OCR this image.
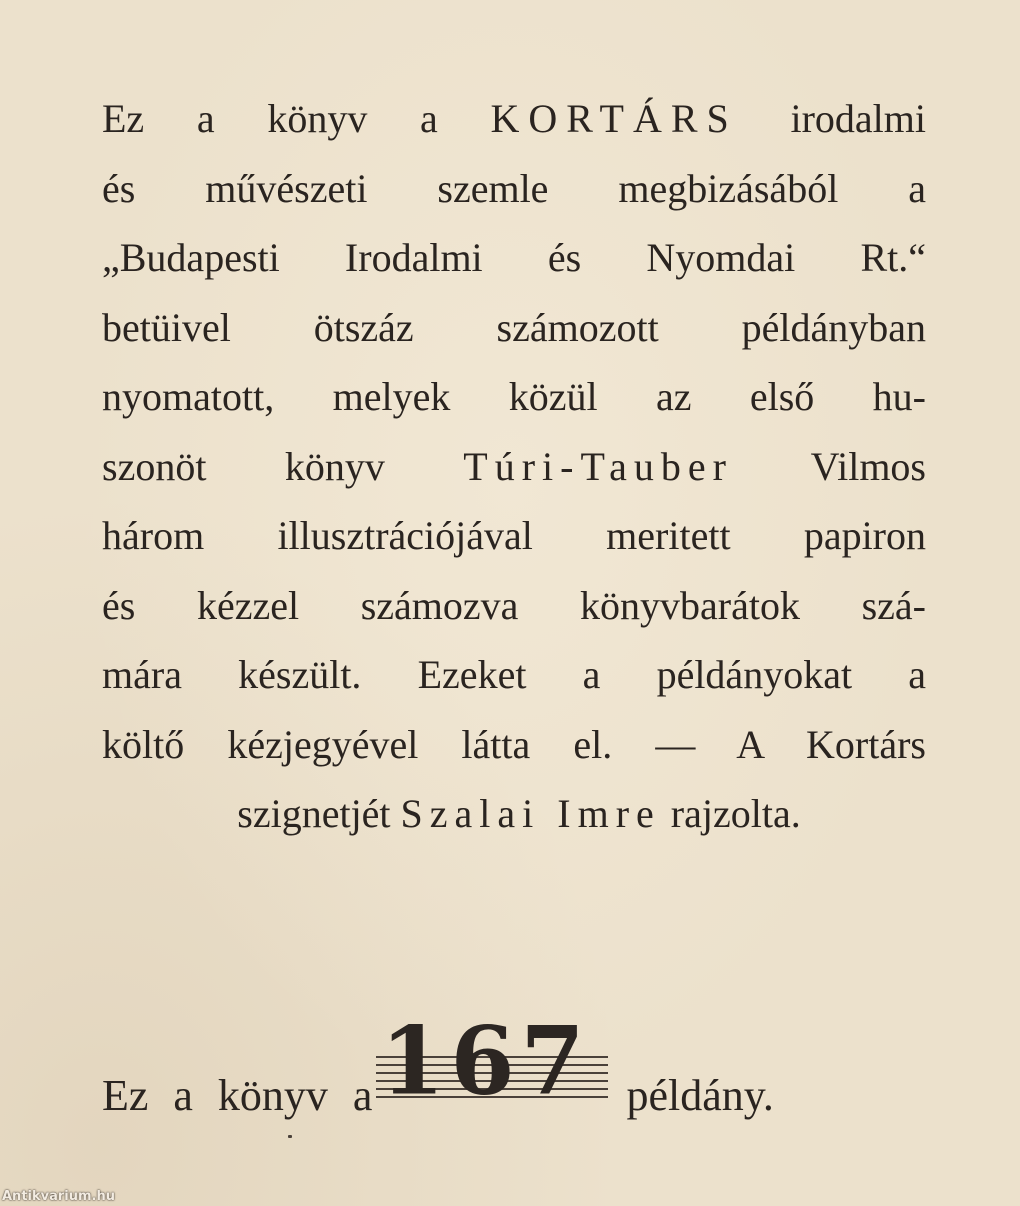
Ez a könyv a KORTÁRS irodalmi
és művészeti szemle megbizásából a
„Budapesti Irodalmi és Nyomdai Rt.“
betüivel ötszáz számozott példányban
nyomatott, melyek közül az első hu-
szonöt könyv Túri-Tauber Vilmos
három illusztrációjával meritett papiron
és kézzel számozva könyvbarátok szá-
mára készült. Ezeket a példányokat a
költő kézjegyével látta el. — A Kortárs
szignetjét Szalai Imre rajzolta.
Ez a könyv a 167 példány.
Antikvarium.hu
